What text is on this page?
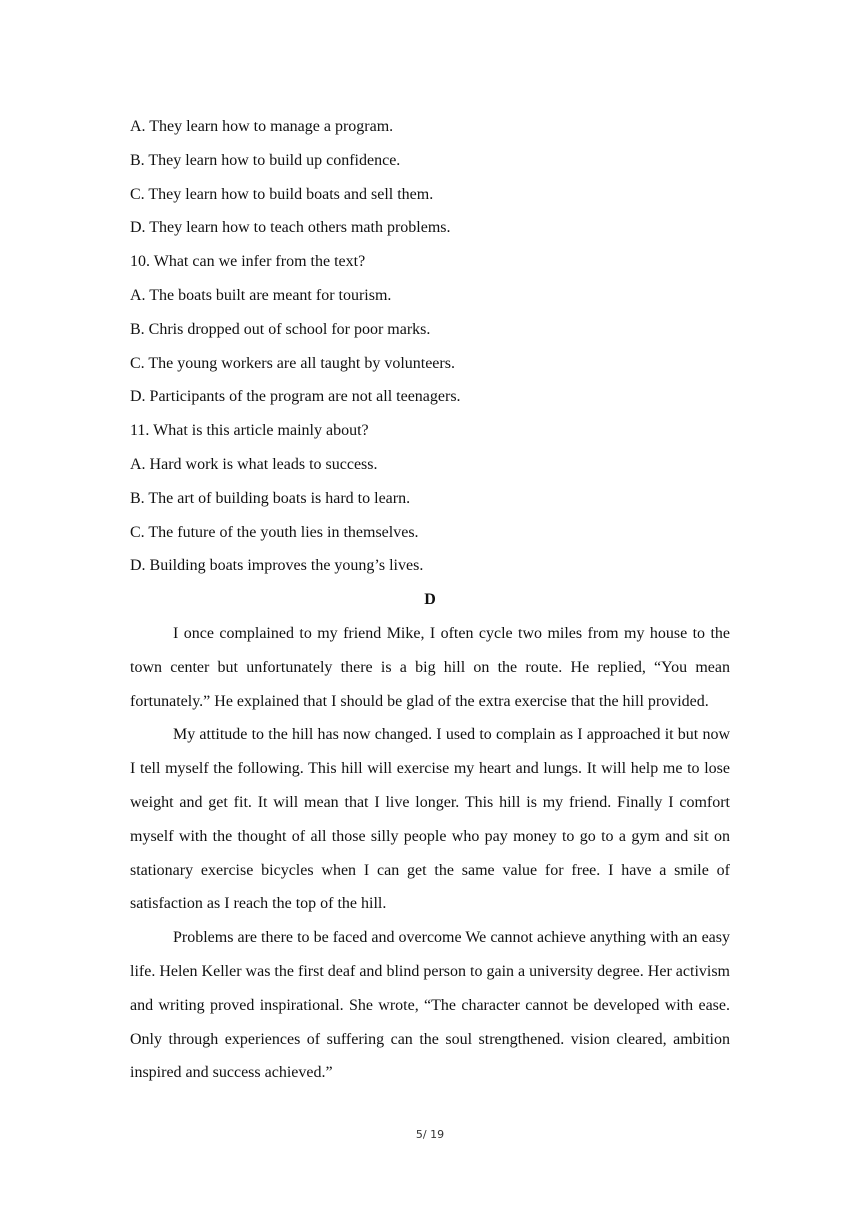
A. They learn how to manage a program.
B. They learn how to build up confidence.
C. They learn how to build boats and sell them.
D. They learn how to teach others math problems.
10. What can we infer from the text?
A. The boats built are meant for tourism.
B. Chris dropped out of school for poor marks.
C. The young workers are all taught by volunteers.
D. Participants of the program are not all teenagers.
11. What is this article mainly about?
A. Hard work is what leads to success.
B. The art of building boats is hard to learn.
C. The future of the youth lies in themselves.
D. Building boats improves the young’s lives.
D

I once complained to my friend Mike, I often cycle two miles from my house to the town center but unfortunately there is a big hill on the route. He replied, “You mean fortunately.” He explained that I should be glad of the extra exercise that the hill provided.

My attitude to the hill has now changed. I used to complain as I approached it but now I tell myself the following. This hill will exercise my heart and lungs. It will help me to lose weight and get fit. It will mean that I live longer. This hill is my friend. Finally I comfort myself with the thought of all those silly people who pay money to go to a gym and sit on stationary exercise bicycles when I can get the same value for free. I have a smile of satisfaction as I reach the top of the hill.

Problems are there to be faced and overcome We cannot achieve anything with an easy life. Helen Keller was the first deaf and blind person to gain a university degree. Her activism and writing proved inspirational. She wrote, “The character cannot be developed with ease. Only through experiences of suffering can the soul strengthened. vision cleared, ambition inspired and success achieved.”

5/ 19
